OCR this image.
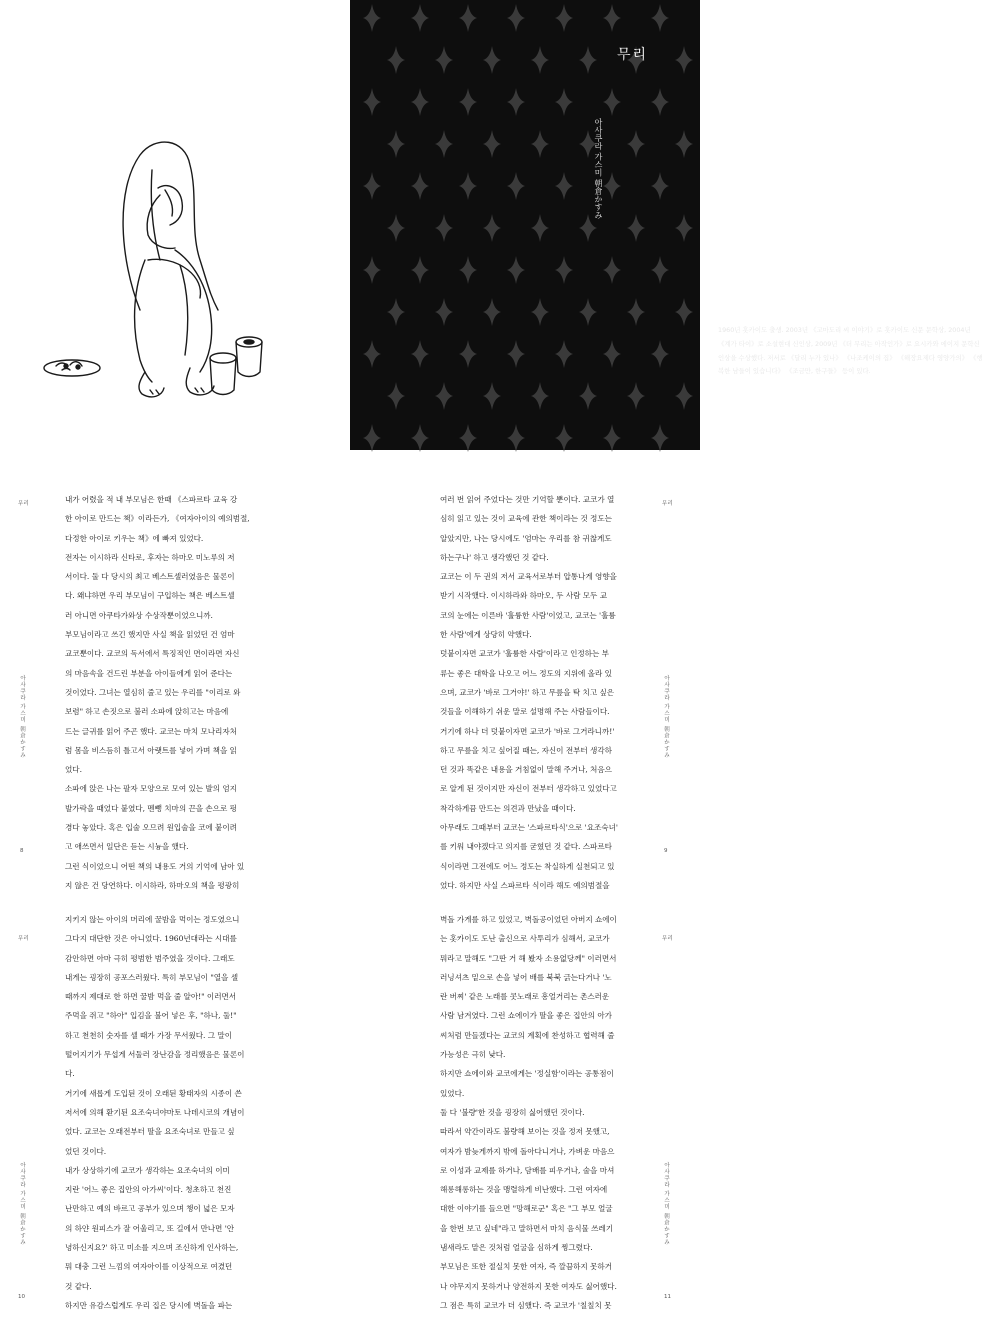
무리
1960년 홋카이도 출생. 2003년 《고마도리 씨 이야기》로 홋카이도 신문 문학상, 2004년 《계가 타이》로 소설현대 신인상, 2009년 《더 무리는 아작인가》로 요시카와 에이지 문학신인상을 수상했다. 저서로 《달리 누가 있나》 《나조케이의 집》 《해장요제다 영양가의》 《행복한 남들이 있습니다》 《조금만, 한구들》 등이 있다.
아사쿠라 가스미 朝倉かすみ
무리
아사쿠라 가스미 朝倉かすみ
8

내가 어렸을 적 내 부모님은 한때 《스파르타 교육 강

한 아이로 만드는 책》이라든가, 《여자아이의 예의범절,

다정한 아이로 키우는 책》에 빠져 있었다.

전자는 이시하라 신타로, 후자는 하마오 미노루의 저

서이다. 둘 다 당시의 최고 베스트셀러였음은 물론이

다. 왜냐하면 우리 부모님이 구입하는 책은 베스트셀

러 아니면 아쿠타가와상 수상작뿐이었으니까.

부모님이라고 쓰긴 했지만 사실 책을 읽었던 건 엄마

교코뿐이다. 교코의 독서에서 특징적인 면이라면 자신

의 마음속을 건드린 부분을 아이들에게 읽어 준다는

것이었다. 그녀는 열심히 줄고 있는 우리를 "이리로 와

보렴" 하고 손짓으로 불러 소파에 앉히고는 마음에

드는 글귀를 읽어 주곤 했다. 교코는 마치 모나리자처

럼 몸을 비스듬히 틀고서 아랫트를 넣어 가며 책을 읽

었다.

소파에 앉은 나는 팔자 모양으로 모여 있는 발의 엄지

발가락을 때었다 붙였다, 멘뺑 치마의 끈을 손으로 펑

경다 놓았다. 혹은 입술 오므려 원입술을 코에 붙이려

고 애쓰면서 일단은 듣는 시늉을 했다.

그런 식이었으니 어떤 책의 내용도 거의 기억에 남아 있

지 않은 건 당연하다. 이시하라, 하마오의 책을 평광히

여러 번 읽어 주었다는 것만 기억할 뿐이다. 교코가 열

심히 읽고 있는 것이 교육에 관한 책이라는 것 정도는

알았지만, 나는 당시에도 '엄마는 우리를 참 귀찮게도

하는구나' 하고 생각했던 것 같다.

교코는 이 두 권의 저서 교육서로부터 압통나게 영향을

받기 시작했다. 이시하라와 하마오, 두 사람 모두 교

코의 눈에는 이른바 '훌륭한 사람'이었고, 교코는 '훌륭

한 사람'에게 상당히 약했다.

덧붙이자면 교코가 '훌륭한 사람'이라고 인정하는 부

류는 좋은 대학을 나오고 어느 정도의 지위에 올라 있

으며, 교코가 '바로 그거야!' 하고 무릎을 탁 치고 싶은

것들을 이해하기 쉬운 말로 설명해 주는 사람들이다.

거기에 하나 더 덧붙이자면 교코가 '바로 그거라니까!'

하고 무릎을 치고 싶어질 때는, 자신이 전부터 생각하

던 것과 똑같은 내용을 거침없이 말해 주거나, 처음으

로 알게 된 것이지만 자신이 전부터 생각하고 있었다고

착각하게끔 만드는 의견과 만났을 때이다.

아무래도 그때부터 교코는 '스파르타식'으로 '요조숙녀'

를 키워 내야겠다고 의지를 굳혔던 것 같다. 스파르타

식이라면 그전에도 어느 정도는 착실하게 실천되고 있

었다. 하지만 사실 스파르타 식이라 해도 예의범절을

무리
아사쿠라 가스미 朝倉かすみ
9
무리
아사쿠라 가스미 朝倉かすみ
10

지키지 않는 아이의 머리에 꿀밤을 먹이는 정도였으니

그다지 대단한 것은 아니었다. 1960년대라는 시대를

감안하면 아마 극히 평범한 범주였을 것이다. 그래도

내게는 굉장히 공포스러웠다. 특히 부모님이 "열을 셀

때까지 제대로 한 하면 꿀밤 먹을 줄 알아!" 이러면서

주먹을 쥐고 "하아" 입김을 불어 넣은 후, "하나, 둘!"

하고 천천히 숫자를 셀 때가 가장 무서웠다. 그 말이

떨어지기가 무섭게 서둘러 장난감을 정리했음은 물론이

다.

거기에 새롭게 도입된 것이 오래된 황태자의 시종이 쓴

저서에 의해 환기된 요조숙녀야마토 나데시코의 개념이

었다. 교코는 오래전부터 딸을 요조숙녀로 만들고 싶

었던 것이다.

내가 상상하기에 교코가 생각하는 요조숙녀의 이미

지란 '어느 좋은 집안의 아가씨'이다. 청초하고 천진

난만하고 예의 바르고 공부가 있으며 챙이 넓은 모자

의 하얀 원피스가 잘 어울리고, 또 길에서 만나면 '안

녕하신지요?' 하고 미소를 지으며 조신하게 인사하는,

뭐 대충 그런 느낌의 여자아이를 이상적으로 여겼던

것 같다.

하지만 유감스럽게도 우리 집은 당시에 벽돌을 파는

벽돌 가게를 하고 있었고, 벽돌공이었던 아버지 쇼에이

는 홋카이도 도난 출신으로 사투리가 심해서, 교코가

뭐라고 말해도 "그딴 거 해 봤자 소용없당께" 이러면서

러닝셔츠 밑으로 손을 넣어 배를 북북 긁는다거나 '노

란 버찌' 같은 노래를 콧노래로 흥얼거리는 촌스러운

사람 남겨였다. 그런 쇼에이가 딸을 좋은 집안의 아가

씨처럼 만들겠다는 교코의 계획에 찬성하고 협력해 줄

가능성은 극히 낮다.

하지만 쇼에이와 교코에게는 '정실함'이라는 공통점이

있었다.

둘 다 '불량'한 것을 굉장히 싫어했던 것이다.

따라서 약간이라도 불량해 보이는 것을 정저 못했고,

여자가 밤늦게까지 밖에 돌아다니거나, 가벼운 마음으

로 이성과 교제를 하거나, 담배를 피우거나, 술을 마셔

해롱해롱하는 것을 맹렬하게 비난했다. 그런 여자에

대한 이야기를 들으면 "망해로군" 혹은 "그 부모 얼굴

을 한번 보고 싶네"라고 말하면서 마치 음식물 쓰레기

냄새라도 맡은 것처럼 얼굴을 심하게 찡그렸다.

부모님은 또한 절실치 못한 여자, 즉 깔끔하지 못하거

나 야무지지 못하거나 양전하지 못한 여자도 싫어했다.

그 점은 특히 교코가 더 심했다. 즉 교코가 '칠칠치 못

무리
아사쿠라 가스미 朝倉かすみ
11
